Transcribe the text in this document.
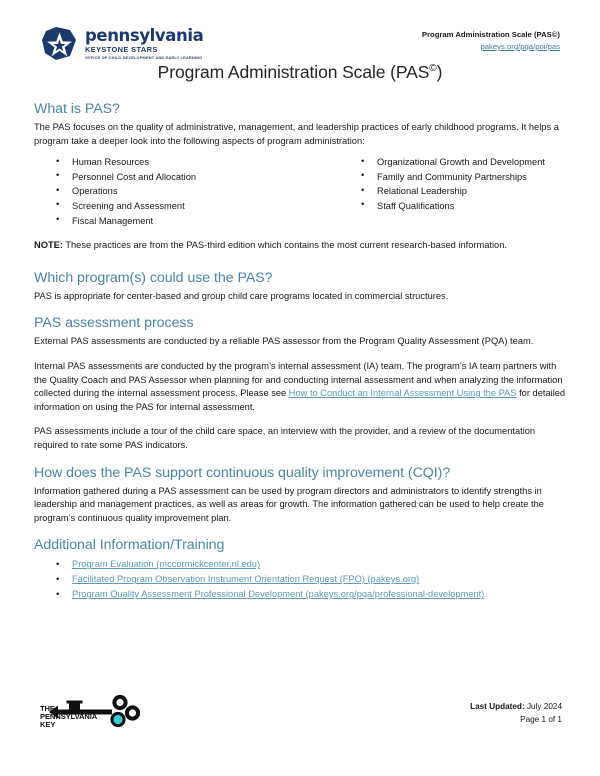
pennsylvania
KEYSTONE STARS
OFFICE OF CHILD DEVELOPMENT AND EARLY LEARNING
Program Administration Scale (PAS©)
pakeys.org/pqa/poi/pas
Program Administration Scale (PAS©)
What is PAS?

The PAS focuses on the quality of administrative, management, and leadership practices of early childhood programs. It helps a program take a deeper look into the following aspects of program administration:

• Human Resources
• Personnel Cost and Allocation
• Operations
• Screening and Assessment
• Fiscal Management
• Organizational Growth and Development
• Family and Community Partnerships
• Relational Leadership
• Staff Qualifications

NOTE: These practices are from the PAS-third edition which contains the most current research-based information.

Which program(s) could use the PAS?

PAS is appropriate for center-based and group child care programs located in commercial structures.

PAS assessment process

External PAS assessments are conducted by a reliable PAS assessor from the Program Quality Assessment (PQA) team.

Internal PAS assessments are conducted by the program’s internal assessment (IA) team. The program’s IA team partners with the Quality Coach and PAS Assessor when planning for and conducting internal assessment and when analyzing the information collected during the internal assessment process. Please see How to Conduct an Internal Assessment Using the PAS for detailed information on using the PAS for internal assessment.

PAS assessments include a tour of the child care space, an interview with the provider, and a review of the documentation required to rate some PAS indicators.

How does the PAS support continuous quality improvement (CQI)?

Information gathered during a PAS assessment can be used by program directors and administrators to identify strengths in leadership and management practices, as well as areas for growth. The information gathered can be used to help create the program’s continuous quality improvement plan.

Additional Information/Training
• Program Evaluation (mccormickcenter.nl.edu)
• Facilitated Program Observation Instrument Orientation Request (FPO) (pakeys.org)
• Program Quality Assessment Professional Development (pakeys.org/pqa/professional-development)
THE
PENNSYLVANIA
KEY
Last Updated: July 2024
Page 1 of 1
